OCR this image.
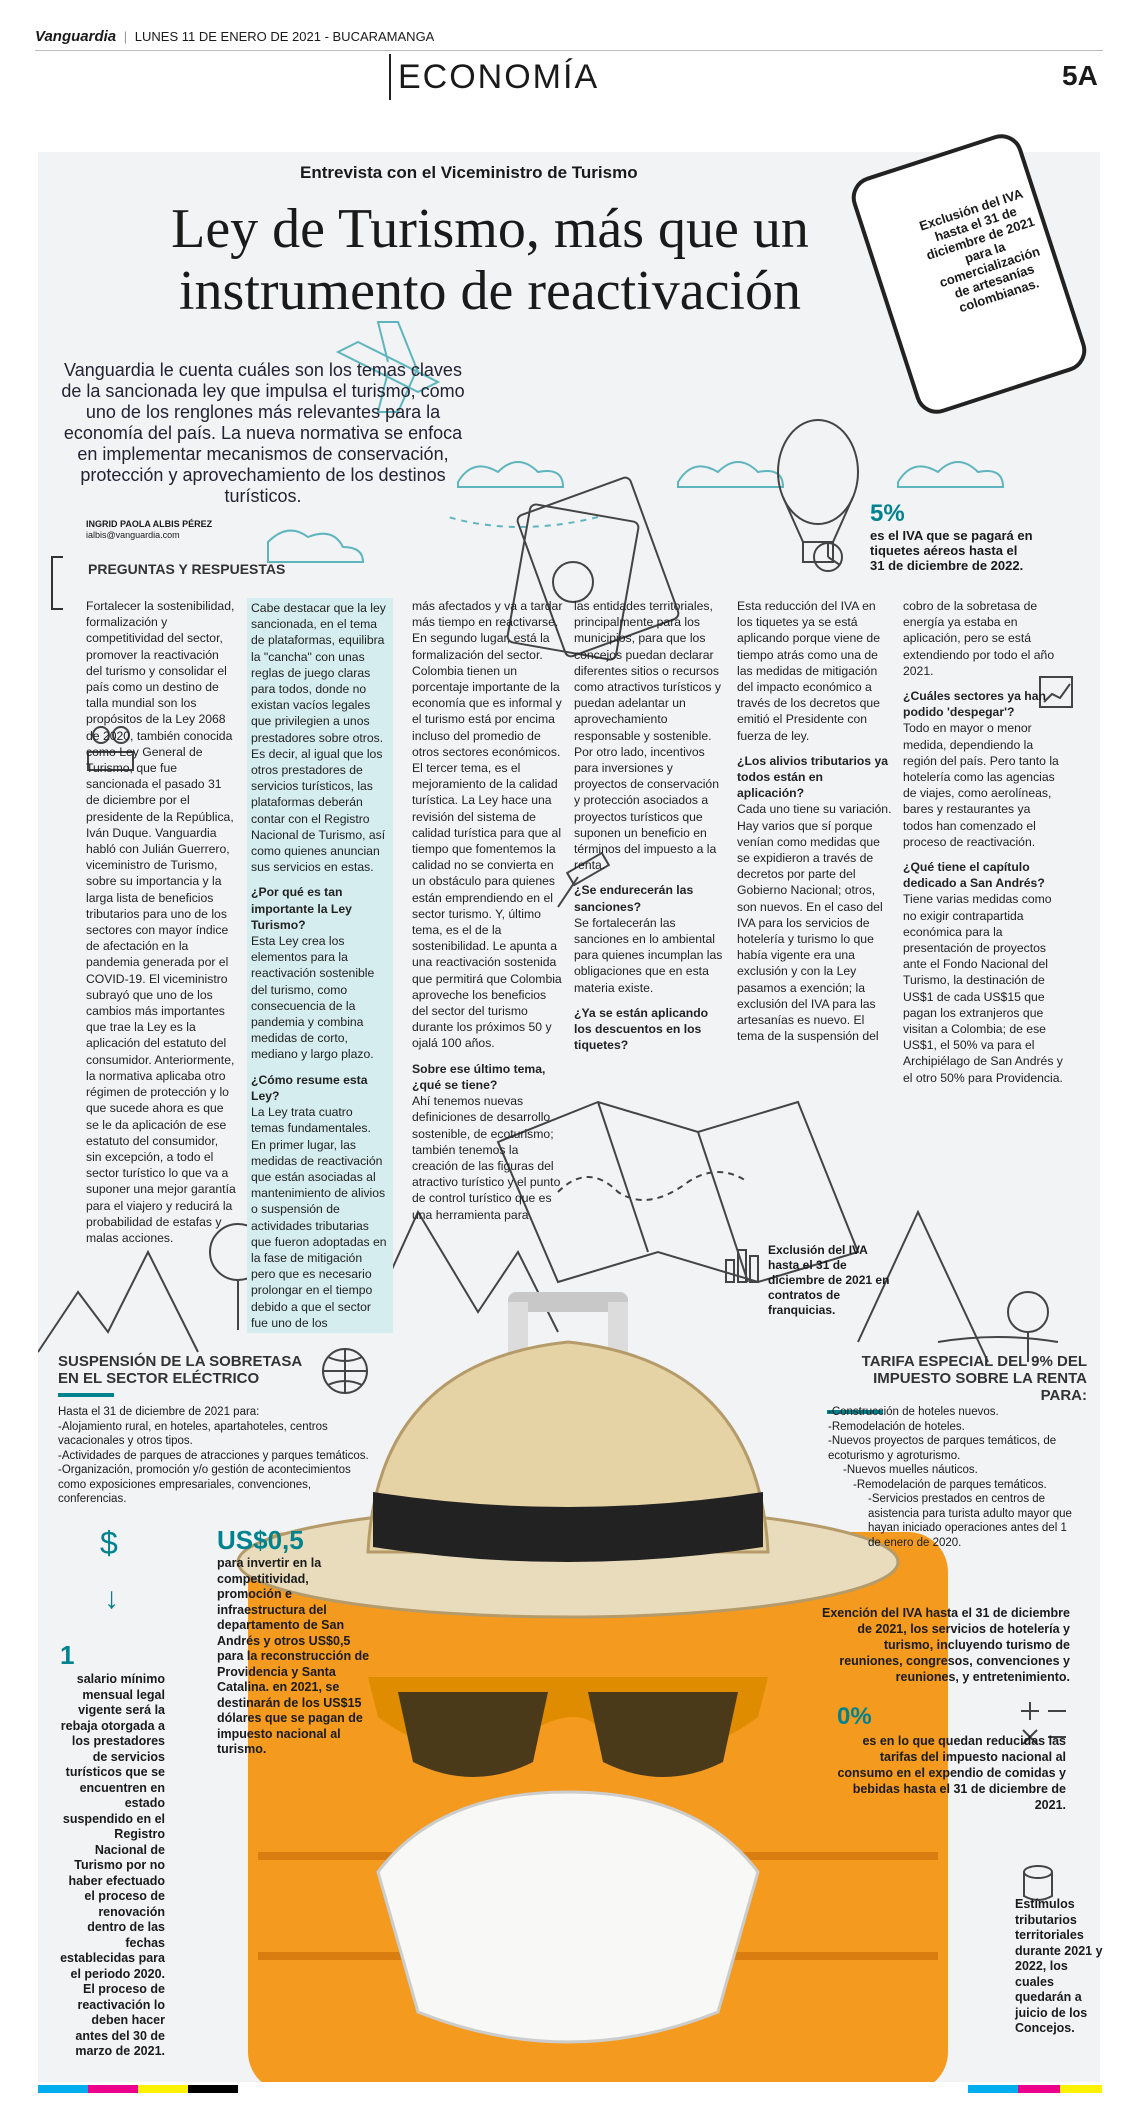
Vanguardia | LUNES 11 DE ENERO DE 2021 - BUCARAMANGA
ECONOMÍA	5A
Exclusión del IVA hasta el 31 de diciembre de 2021 para la comercialización de artesanías colombianas.
Entrevista con el Viceministro de Turismo
Ley de Turismo, más que un instrumento de reactivación
Vanguardia le cuenta cuáles son los temas claves de la sancionada ley que impulsa el turismo, como uno de los renglones más relevantes para la economía del país. La nueva normativa se enfoca en implementar mecanismos de conservación, protección y aprovechamiento de los destinos turísticos.
INGRID PAOLA ALBIS PÉREZ
ialbis@vanguardia.com
PREGUNTAS Y RESPUESTAS
5%
es el IVA que se pagará en tiquetes aéreos hasta el 31 de diciembre de 2022.

Fortalecer la sostenibilidad, formalización y competitividad del sector, promover la reactivación del turismo y consolidar el país como un destino de talla mundial son los propósitos de la Ley 2068 de 2020, también conocida como Ley General de Turismo, que fue sancionada el pasado 31 de diciembre por el presidente de la República, Iván Duque. Vanguardia habló con Julián Guerrero, viceministro de Turismo, sobre su importancia y la larga lista de beneficios tributarios para uno de los sectores con mayor índice de afectación en la pandemia generada por el COVID-19. El viceministro subrayó que uno de los cambios más importantes que trae la Ley es la aplicación del estatuto del consumidor. Anteriormente, la normativa aplicaba otro régimen de protección y lo que sucede ahora es que se le da aplicación de ese estatuto del consumidor, sin excepción, a todo el sector turístico lo que va a suponer una mejor garantía para el viajero y reducirá la probabilidad de estafas y malas acciones.

Cabe destacar que la ley sancionada, en el tema de plataformas, equilibra la "cancha" con unas reglas de juego claras para todos, donde no existan vacíos legales que privilegien a unos prestadores sobre otros. Es decir, al igual que los otros prestadores de servicios turísticos, las plataformas deberán contar con el Registro Nacional de Turismo, así como quienes anuncian sus servicios en estas.

¿Por qué es tan importante la Ley Turismo?

Esta Ley crea los elementos para la reactivación sostenible del turismo, como consecuencia de la pandemia y combina medidas de corto, mediano y largo plazo.

¿Cómo resume esta Ley?

La Ley trata cuatro temas fundamentales. En primer lugar, las medidas de reactivación que están asociadas al mantenimiento de alivios o suspensión de actividades tributarias que fueron adoptadas en la fase de mitigación pero que es necesario prolongar en el tiempo debido a que el sector fue uno de los

más afectados y va a tardar más tiempo en reactivarse. En segundo lugar, está la formalización del sector. Colombia tienen un porcentaje importante de la economía que es informal y el turismo está por encima incluso del promedio de otros sectores económicos. El tercer tema, es el mejoramiento de la calidad turística. La Ley hace una revisión del sistema de calidad turística para que al tiempo que fomentemos la calidad no se convierta en un obstáculo para quienes están emprendiendo en el sector turismo. Y, último tema, es el de la sostenibilidad. Le apunta a una reactivación sostenida que permitirá que Colombia aproveche los beneficios del sector del turismo durante los próximos 50 y ojalá 100 años.

Sobre ese último tema, ¿qué se tiene?

Ahí tenemos nuevas definiciones de desarrollo sostenible, de ecoturismo; también tenemos la creación de las figuras del atractivo turístico y el punto de control turístico que es una herramienta para

las entidades territoriales, principalmente para los municipios, para que los concejos puedan declarar diferentes sitios o recursos como atractivos turísticos y puedan adelantar un aprovechamiento responsable y sostenible. Por otro lado, incentivos para inversiones y proyectos de conservación y protección asociados a proyectos turísticos que suponen un beneficio en términos del impuesto a la renta.

¿Se endurecerán las sanciones?

Se fortalecerán las sanciones en lo ambiental para quienes incumplan las obligaciones que en esta materia existe.

¿Ya se están aplicando los descuentos en los tiquetes?

Esta reducción del IVA en los tiquetes ya se está aplicando porque viene de tiempo atrás como una de las medidas de mitigación del impacto económico a través de los decretos que emitió el Presidente con fuerza de ley.

¿Los alivios tributarios ya todos están en aplicación?

Cada uno tiene su variación. Hay varios que sí porque venían como medidas que se expidieron a través de decretos por parte del Gobierno Nacional; otros, son nuevos. En el caso del IVA para los servicios de hotelería y turismo lo que había vigente era una exclusión y con la Ley pasamos a exención; la exclusión del IVA para las artesanías es nuevo. El tema de la suspensión del

cobro de la sobretasa de energía ya estaba en aplicación, pero se está extendiendo por todo el año 2021.

¿Cuáles sectores ya han podido 'despegar'?

Todo en mayor o menor medida, dependiendo la región del país. Pero tanto la hotelería como las agencias de viajes, como aerolíneas, bares y restaurantes ya todos han comenzado el proceso de reactivación.

¿Qué tiene el capítulo dedicado a San Andrés?

Tiene varias medidas como no exigir contrapartida económica para la presentación de proyectos ante el Fondo Nacional del Turismo, la destinación de US$1 de cada US$15 que pagan los extranjeros que visitan a Colombia; de ese US$1, el 50% va para el Archipiélago de San Andrés y el otro 50% para Providencia.

Exclusión del IVA hasta el 31 de diciembre de 2021 en contratos de franquicias.
SUSPENSIÓN DE LA SOBRETASA EN EL SECTOR ELÉCTRICO
Hasta el 31 de diciembre de 2021 para:
-Alojamiento rural, en hoteles, apartahoteles, centros vacacionales y otros tipos.
-Actividades de parques de atracciones y parques temáticos.
-Organización, promoción y/o gestión de acontecimientos como exposiciones empresariales, convenciones, conferencias.
TARIFA ESPECIAL DEL 9% DEL IMPUESTO SOBRE LA RENTA PARA:
-Construcción de hoteles nuevos.
-Remodelación de hoteles.
-Nuevos proyectos de parques temáticos, de ecoturismo y agroturismo.
-Nuevos muelles náuticos.
-Remodelación de parques temáticos.
-Servicios prestados en centros de asistencia para turista adulto mayor que hayan iniciado operaciones antes del 1 de enero de 2020.
$
↓
1
salario mínimo mensual legal vigente será la rebaja otorgada a los prestadores de servicios turísticos que se encuentren en estado suspendido en el Registro Nacional de Turismo por no haber efectuado el proceso de renovación dentro de las fechas establecidas para el periodo 2020. El proceso de reactivación lo deben hacer antes del 30 de marzo de 2021.
US$0,5
para invertir en la competitividad, promoción e infraestructura del departamento de San Andrés y otros US$0,5 para la reconstrucción de Providencia y Santa Catalina. en 2021, se destinarán de los US$15 dólares que se pagan de impuesto nacional al turismo.
Exención del IVA hasta el 31 de diciembre de 2021, los servicios de hotelería y turismo, incluyendo turismo de reuniones, congresos, convenciones y reuniones, y entretenimiento.
0%
es en lo que quedan reducidas las tarifas del impuesto nacional al consumo en el expendio de comidas y bebidas hasta el 31 de diciembre de 2021.
Estímulos tributarios territoriales durante 2021 y 2022, los cuales quedarán a juicio de los Concejos.
